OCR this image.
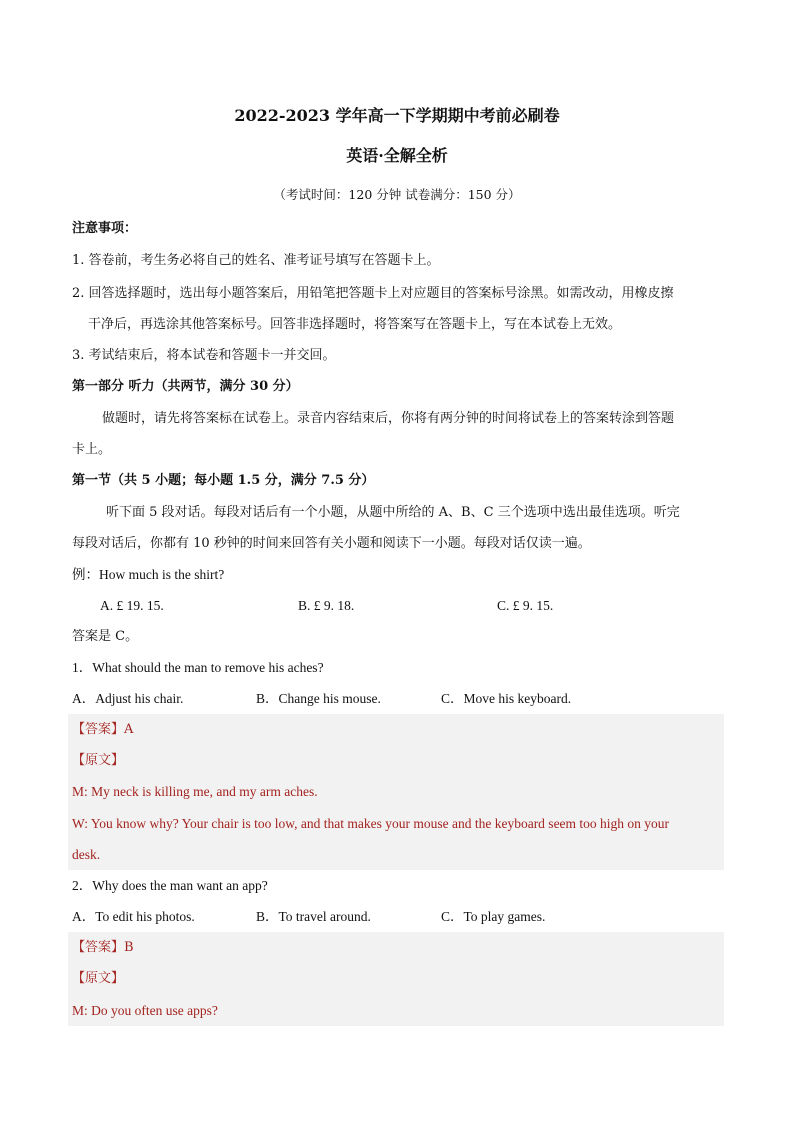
2022-2023 学年高一下学期期中考前必刷卷
英语·全解全析
（考试时间：120 分钟 试卷满分：150 分）
注意事项：
1. 答卷前，考生务必将自己的姓名、准考证号填写在答题卡上。
2. 回答选择题时，选出每小题答案后，用铅笔把答题卡上对应题目的答案标号涂黑。如需改动，用橡皮擦
干净后，再选涂其他答案标号。回答非选择题时，将答案写在答题卡上，写在本试卷上无效。
3. 考试结束后，将本试卷和答题卡一并交回。
第一部分 听力（共两节，满分 30 分）
做题时，请先将答案标在试卷上。录音内容结束后，你将有两分钟的时间将试卷上的答案转涂到答题
卡上。
第一节（共 5 小题；每小题 1.5 分，满分 7.5 分）
听下面 5 段对话。每段对话后有一个小题，从题中所给的 A、B、C 三个选项中选出最佳选项。听完
每段对话后，你都有 10 秒钟的时间来回答有关小题和阅读下一小题。每段对话仅读一遍。
例：How much is the shirt?
A. £ 19. 15.	B. £ 9. 18.	C. £ 9. 15.
答案是 C。
1．What should the man to remove his aches?
A．Adjust his chair.	B．Change his mouse.	C．Move his keyboard.
【答案】A
【原文】
M: My neck is killing me, and my arm aches.
W: You know why? Your chair is too low, and that makes your mouse and the keyboard seem too high on your
desk.
2．Why does the man want an app?
A．To edit his photos.	B．To travel around.	C．To play games.
【答案】B
【原文】
M: Do you often use apps?
